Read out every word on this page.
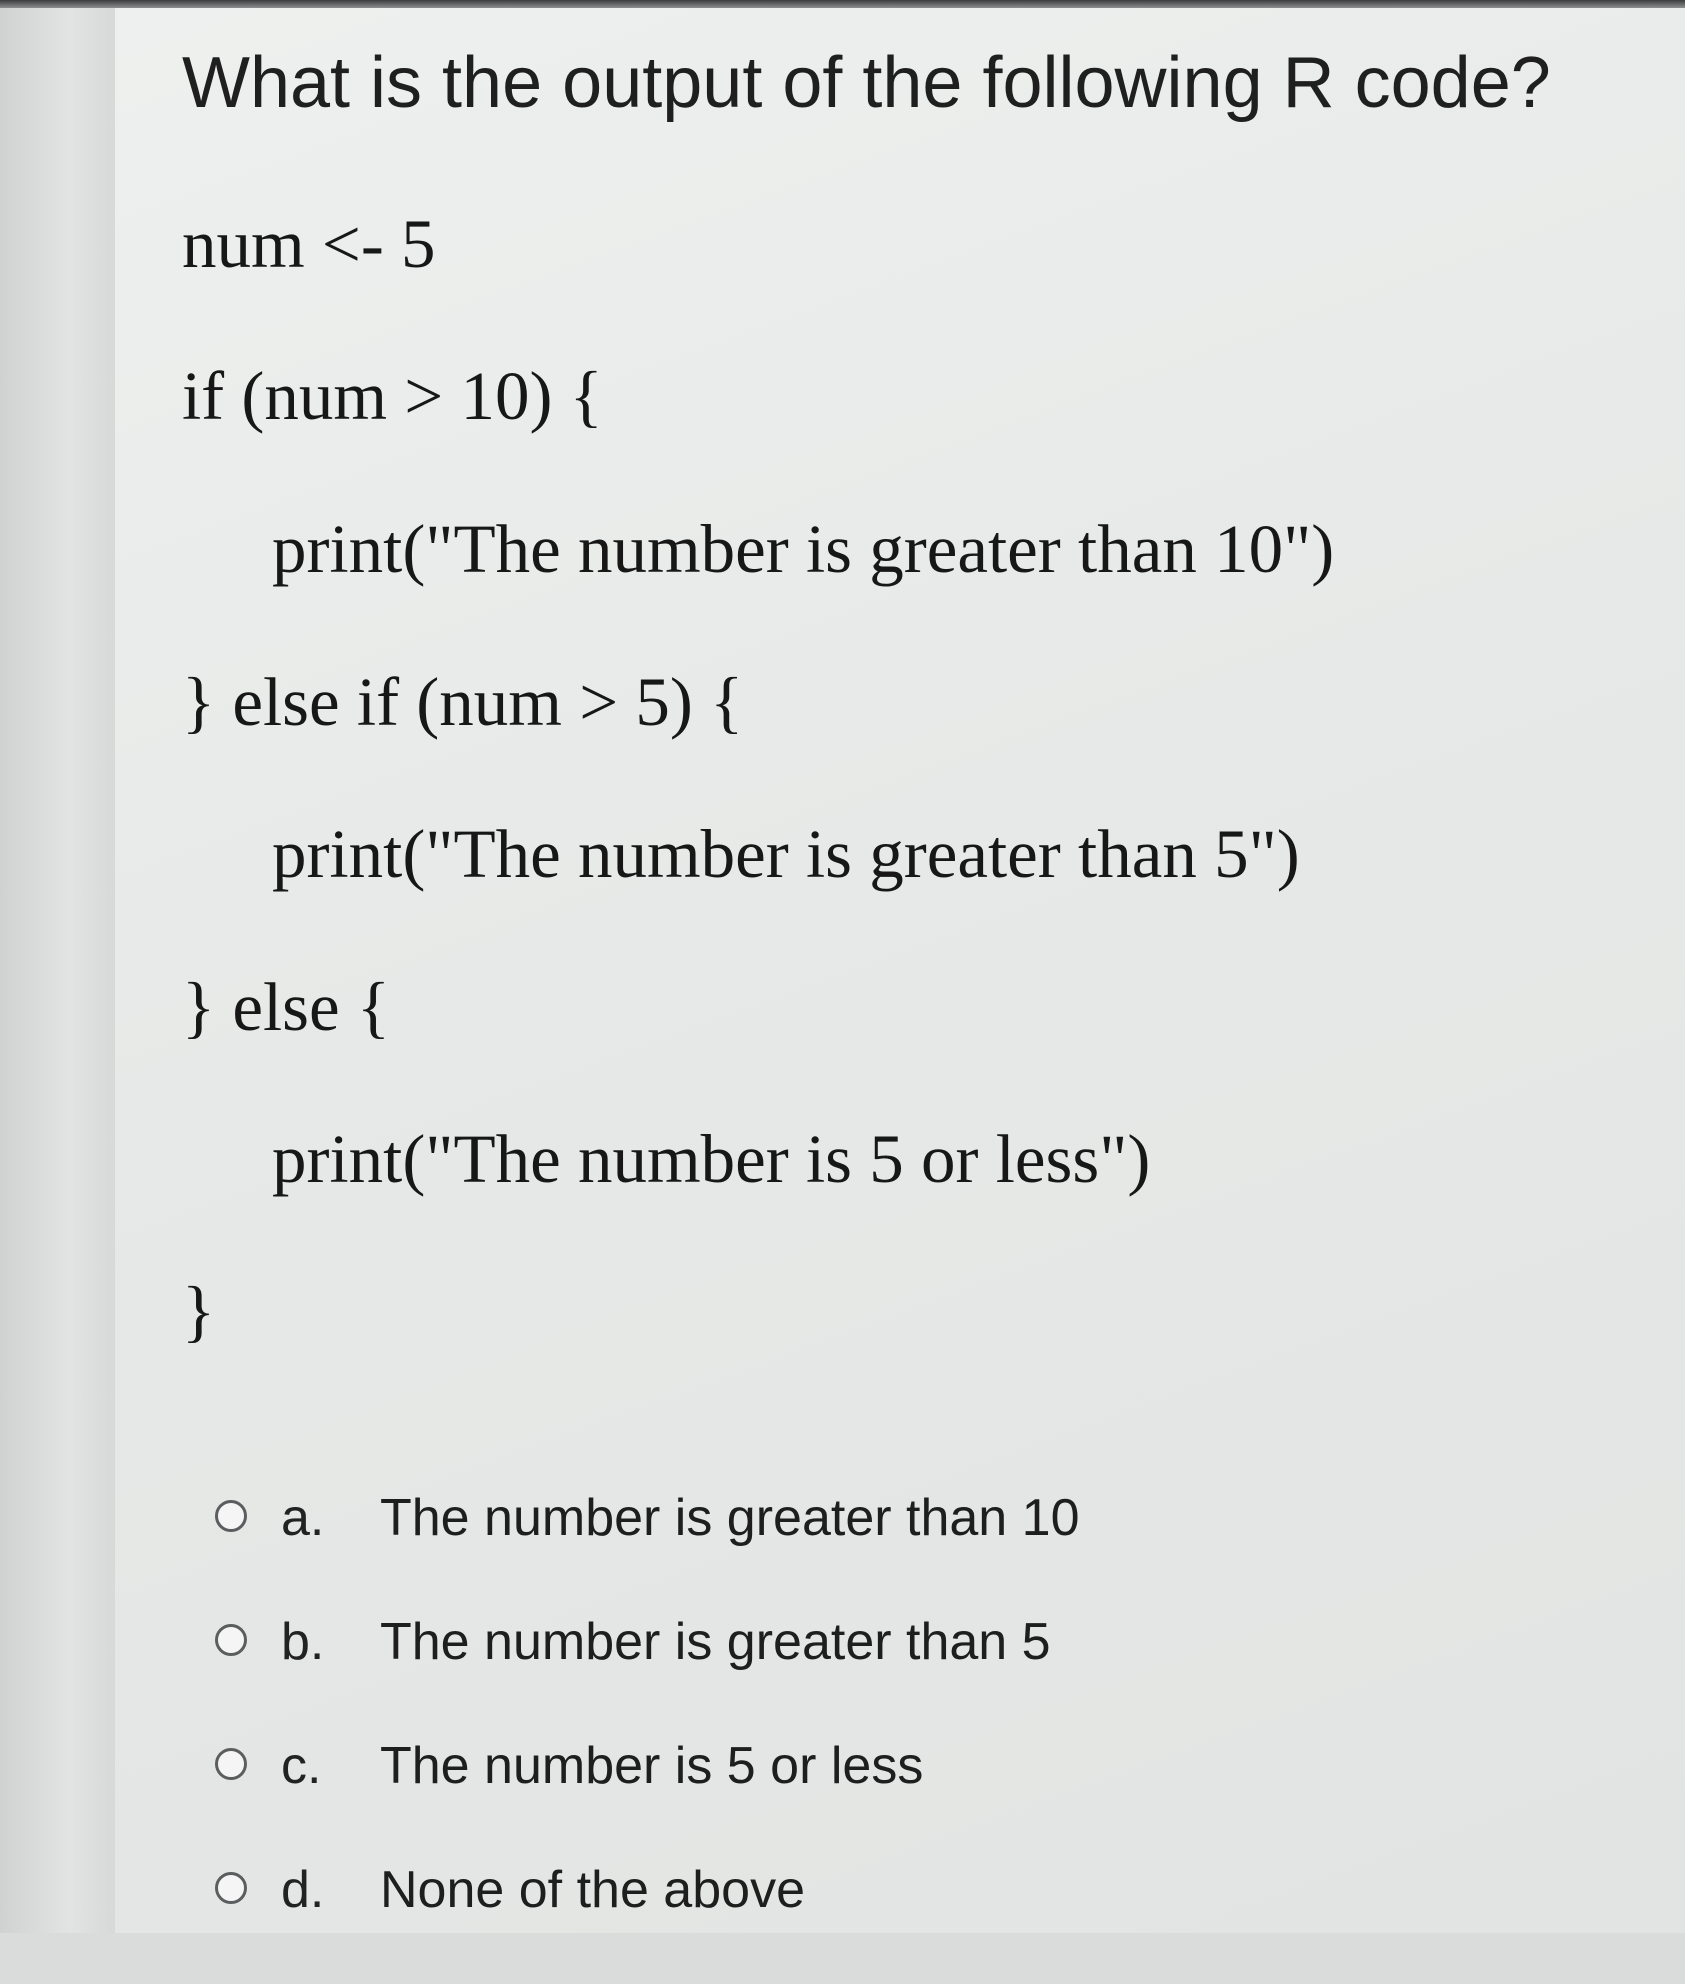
What is the output of the following R code?

num <- 5

if (num > 10) {

print("The number is greater than 10")

} else if (num > 5) {

print("The number is greater than 5")

} else {

print("The number is 5 or less")

}

a. The number is greater than 10
b. The number is greater than 5
c. The number is 5 or less
d. None of the above
